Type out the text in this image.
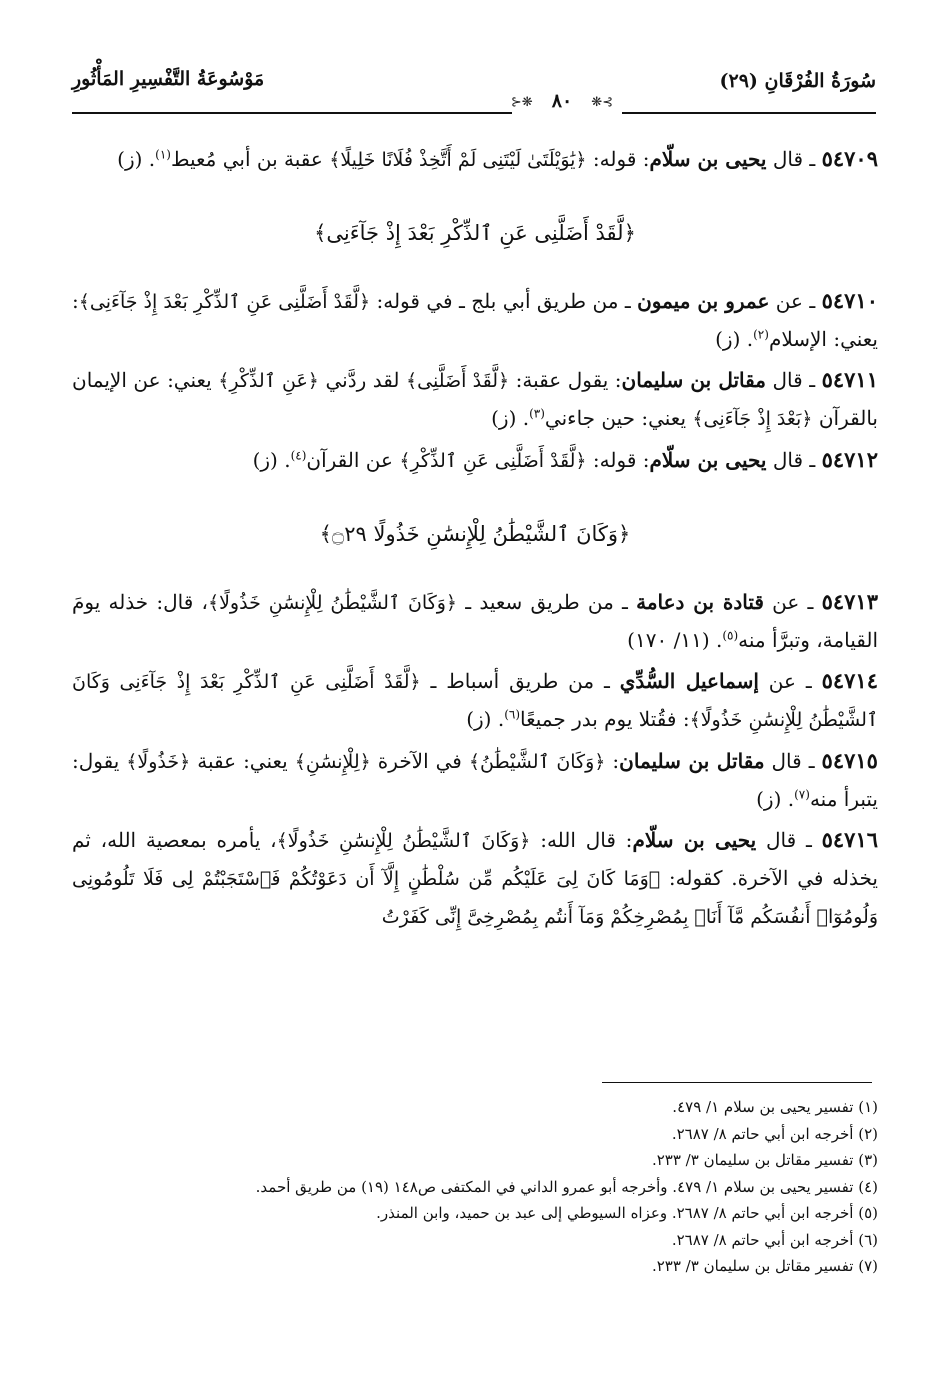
سُورَةُ الفُرْقَانِ (٢٩)
مَوْسُوعَةُ التَّفْسِيرِ المَأْثُورِ
⊱❋ ٨٠ ❋⊰

٥٤٧٠٩ ـ قال يحيى بن سلّام: قوله: ﴿يَٰوَيْلَتَىٰ لَيْتَنِى لَمْ أَتَّخِذْ فُلَانًا خَلِيلًا﴾ عقبة بن أبي مُعيط$^{(١)}$. (ز)

﴿لَّقَدْ أَضَلَّنِى عَنِ ٱلذِّكْرِ بَعْدَ إِذْ جَآءَنِى﴾

٥٤٧١٠ ـ عن عمرو بن ميمون ـ من طريق أبي بلج ـ في قوله: ﴿لَّقَدْ أَضَلَّنِى عَنِ ٱلذِّكْرِ بَعْدَ إِذْ جَآءَنِى﴾: يعني: الإسلام$^{(٢)}$. (ز)

٥٤٧١١ ـ قال مقاتل بن سليمان: يقول عقبة: ﴿لَّقَدْ أَضَلَّنِى﴾ لقد ردَّني ﴿عَنِ ٱلذِّكْرِ﴾ يعني: عن الإيمان بالقرآن ﴿بَعْدَ إِذْ جَآءَنِى﴾ يعني: حين جاءني$^{(٣)}$. (ز)

٥٤٧١٢ ـ قال يحيى بن سلّام: قوله: ﴿لَّقَدْ أَضَلَّنِى عَنِ ٱلذِّكْرِ﴾ عن القرآن$^{(٤)}$. (ز)

﴿وَكَانَ ٱلشَّيْطَٰنُ لِلْإِنسَٰنِ خَذُولًا ۝٢٩﴾

٥٤٧١٣ ـ عن قتادة بن دعامة ـ من طريق سعيد ـ ﴿وَكَانَ ٱلشَّيْطَٰنُ لِلْإِنسَٰنِ خَذُولًا﴾، قال: خذله يومَ القيامة، وتبرَّأ منه$^{(٥)}$. (١١/ ١٧٠)

٥٤٧١٤ ـ عن إسماعيل السُّدِّي ـ من طريق أسباط ـ ﴿لَّقَدْ أَضَلَّنِى عَنِ ٱلذِّكْرِ بَعْدَ إِذْ جَآءَنِى وَكَانَ ٱلشَّيْطَٰنُ لِلْإِنسَٰنِ خَذُولًا﴾: فقُتلا يوم بدر جميعًا$^{(٦)}$. (ز)

٥٤٧١٥ ـ قال مقاتل بن سليمان: ﴿وَكَانَ ٱلشَّيْطَٰنُ﴾ في الآخرة ﴿لِلْإِنسَٰنِ﴾ يعني: عقبة ﴿خَذُولًا﴾ يقول: يتبرأ منه$^{(٧)}$. (ز)

٥٤٧١٦ ـ قال يحيى بن سلّام: قال الله: ﴿وَكَانَ ٱلشَّيْطَٰنُ لِلْإِنسَٰنِ خَذُولًا﴾، يأمره بمعصية الله، ثم يخذله في الآخرة. كقوله: ﴿وَمَا كَانَ لِىَ عَلَيْكُم مِّن سُلْطَٰنٍ إِلَّآ أَن دَعَوْتُكُمْ فَٱسْتَجَبْتُمْ لِى فَلَا تَلُومُونِى وَلُومُوٓا۟ أَنفُسَكُم مَّآ أَنَا۠ بِمُصْرِخِكُمْ وَمَآ أَنتُم بِمُصْرِخِىَّ إِنِّى كَفَرْتُ

(١) تفسير يحيى بن سلام ١/ ٤٧٩.
(٢) أخرجه ابن أبي حاتم ٨/ ٢٦٨٧.
(٣) تفسير مقاتل بن سليمان ٣/ ٢٣٣.
(٤) تفسير يحيى بن سلام ١/ ٤٧٩. وأخرجه أبو عمرو الداني في المكتفى ص١٤٨ (١٩) من طريق أحمد.
(٥) أخرجه ابن أبي حاتم ٨/ ٢٦٨٧. وعزاه السيوطي إلى عبد بن حميد، وابن المنذر.
(٦) أخرجه ابن أبي حاتم ٨/ ٢٦٨٧.
(٧) تفسير مقاتل بن سليمان ٣/ ٢٣٣.
